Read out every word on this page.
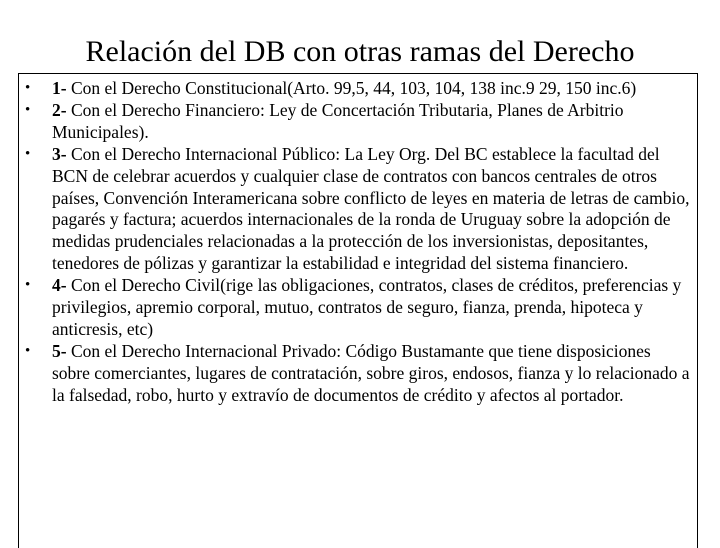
Relación del DB con otras ramas del Derecho
• 1- Con el Derecho Constitucional(Arto. 99,5, 44, 103, 104, 138 inc.9 29, 150 inc.6)
• 2- Con el Derecho Financiero: Ley de Concertación Tributaria, Planes de Arbitrio Municipales).
• 3- Con el Derecho Internacional Público: La Ley Org. Del BC establece la facultad del BCN de celebrar acuerdos y cualquier clase de contratos con bancos centrales de otros países, Convención Interamericana sobre conflicto de leyes en materia de letras de cambio, pagarés y factura; acuerdos internacionales de la ronda de Uruguay sobre la adopción de medidas prudenciales relacionadas a la protección de los inversionistas, depositantes, tenedores de pólizas y garantizar la estabilidad e integridad del sistema financiero.
• 4- Con el Derecho Civil(rige las obligaciones, contratos, clases de créditos, preferencias y privilegios, apremio corporal, mutuo, contratos de seguro, fianza, prenda, hipoteca y anticresis, etc)
• 5- Con el Derecho Internacional Privado: Código Bustamante que tiene disposiciones sobre comerciantes, lugares de contratación, sobre giros, endosos, fianza y lo relacionado a la falsedad, robo, hurto y extravío de documentos de crédito y afectos al portador.
